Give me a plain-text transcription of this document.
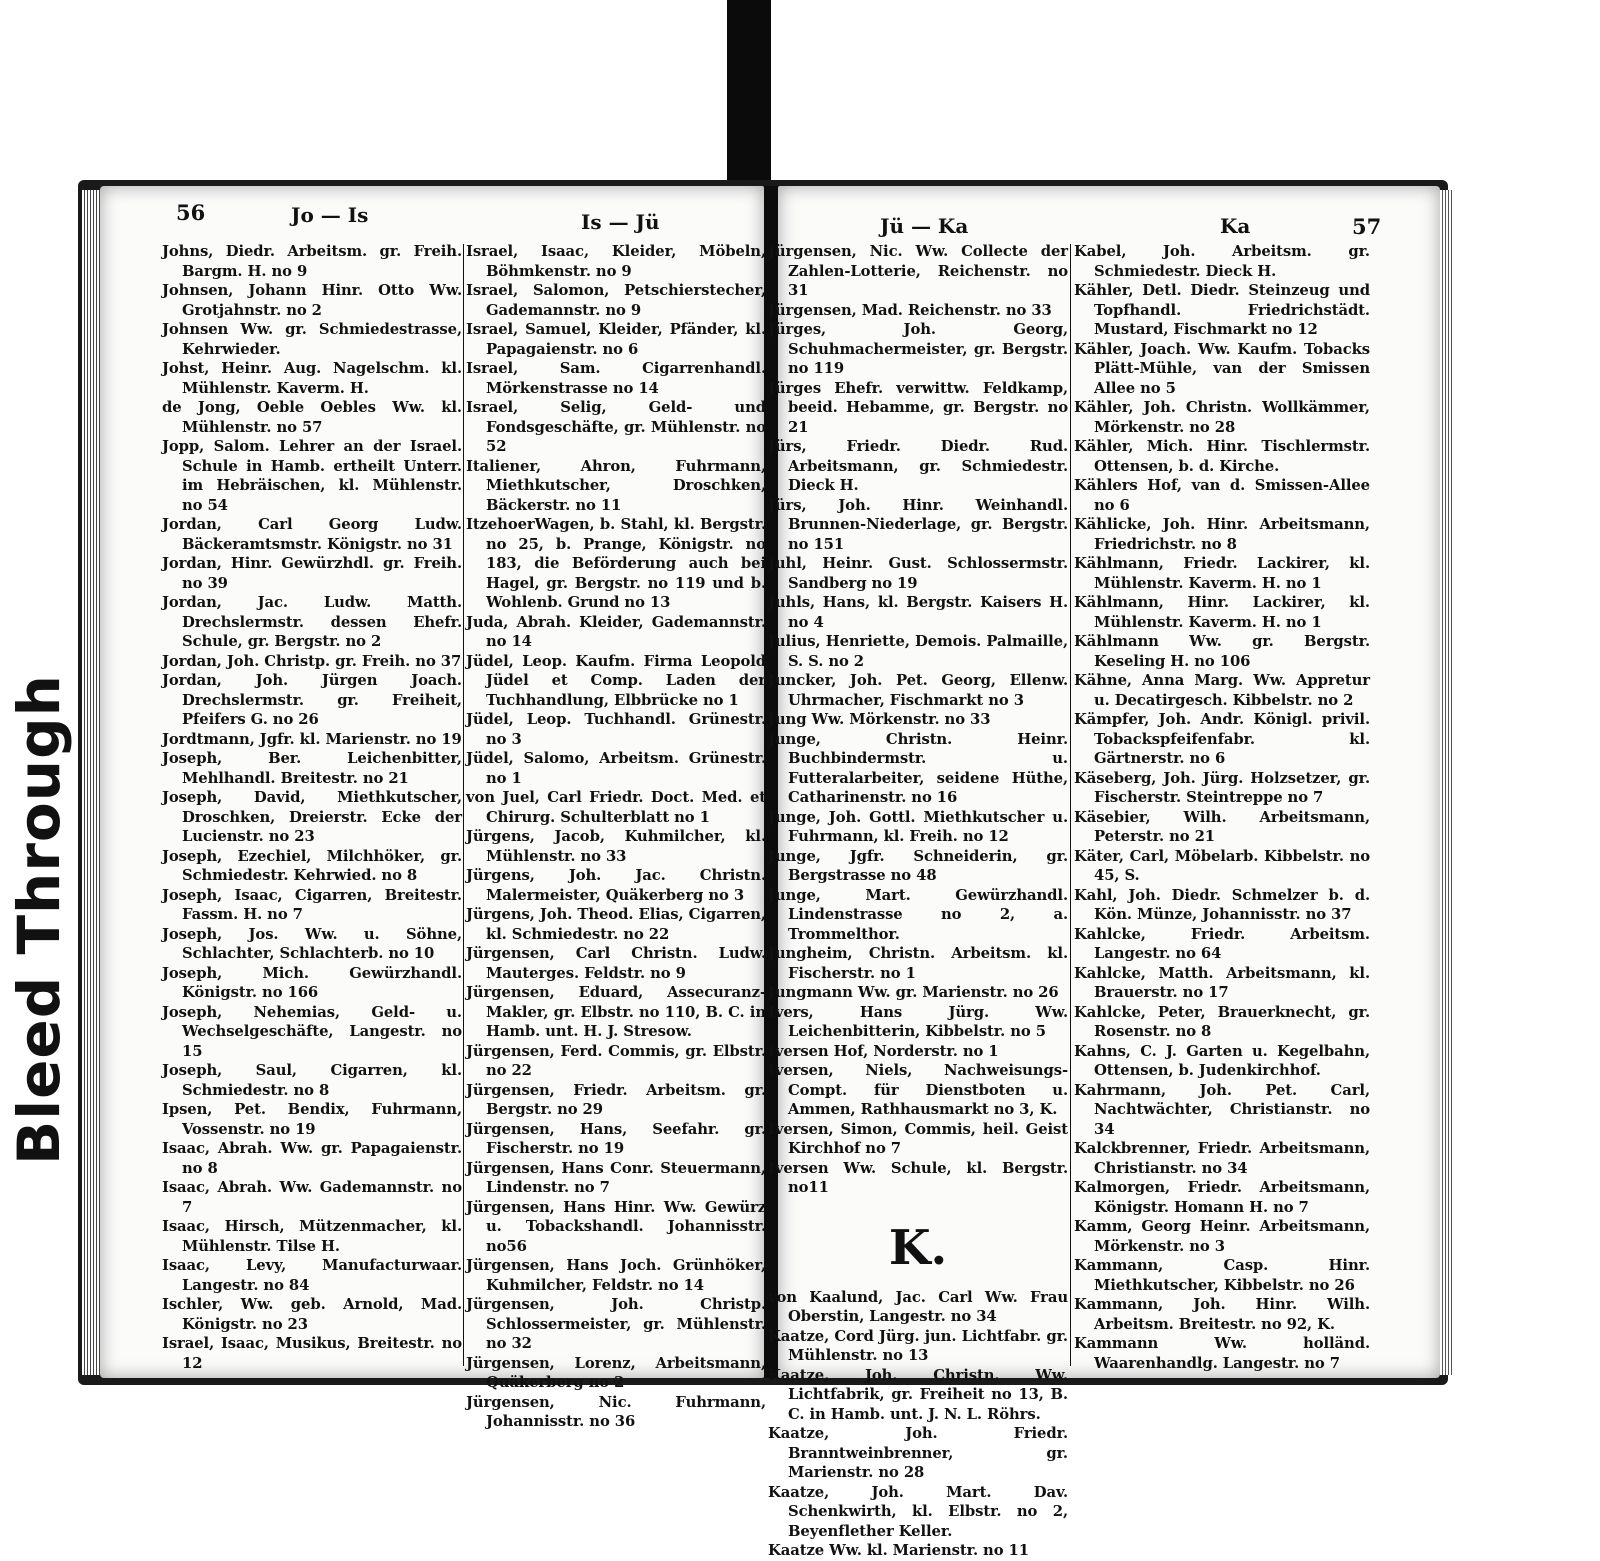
Bleed Through
56	Jo — Is	Is — Jü	Jü — Ka	Ka	57

Johns, Diedr. Arbeitsm. gr. Freih. Bargm. H. no 9

Johnsen, Johann Hinr. Otto Ww. Grotjahnstr. no 2

Johnsen Ww. gr. Schmiedestrasse, Kehrwieder.

Johst, Heinr. Aug. Nagelschm. kl. Mühlenstr. Kaverm. H.

de Jong, Oeble Oebles Ww. kl. Mühlenstr. no 57

Jopp, Salom. Lehrer an der Israel. Schule in Hamb. ertheilt Unterr. im Hebräischen, kl. Mühlenstr. no 54

Jordan, Carl Georg Ludw. Bäckeramtsmstr. Königstr. no 31

Jordan, Hinr. Gewürzhdl. gr. Freih. no 39

Jordan, Jac. Ludw. Matth. Drechslermstr. dessen Ehefr. Schule, gr. Bergstr. no 2

Jordan, Joh. Christp. gr. Freih. no 37

Jordan, Joh. Jürgen Joach. Drechslermstr. gr. Freiheit, Pfeifers G. no 26

Jordtmann, Jgfr. kl. Marienstr. no 19

Joseph, Ber. Leichenbitter, Mehlhandl. Breitestr. no 21

Joseph, David, Miethkutscher, Droschken, Dreierstr. Ecke der Lucienstr. no 23

Joseph, Ezechiel, Milchhöker, gr. Schmiedestr. Kehrwied. no 8

Joseph, Isaac, Cigarren, Breitestr. Fassm. H. no 7

Joseph, Jos. Ww. u. Söhne, Schlachter, Schlachterb. no 10

Joseph, Mich. Gewürzhandl. Königstr. no 166

Joseph, Nehemias, Geld- u. Wechselgeschäfte, Langestr. no 15

Joseph, Saul, Cigarren, kl. Schmiedestr. no 8

Ipsen, Pet. Bendix, Fuhrmann, Vossenstr. no 19

Isaac, Abrah. Ww. gr. Papagaienstr. no 8

Isaac, Abrah. Ww. Gademannstr. no 7

Isaac, Hirsch, Mützenmacher, kl. Mühlenstr. Tilse H.

Isaac, Levy, Manufacturwaar. Langestr. no 84

Ischler, Ww. geb. Arnold, Mad. Königstr. no 23

Israel, Isaac, Musikus, Breitestr. no 12

Israel, Isaac, Kleider, Möbeln, Böhmkenstr. no 9

Israel, Salomon, Petschierstecher, Gademannstr. no 9

Israel, Samuel, Kleider, Pfänder, kl. Papagaienstr. no 6

Israel, Sam. Cigarrenhandl. Mörkenstrasse no 14

Israel, Selig, Geld- und Fondsgeschäfte, gr. Mühlenstr. no 52

Italiener, Ahron, Fuhrmann, Miethkutscher, Droschken, Bäckerstr. no 11

ItzehoerWagen, b. Stahl, kl. Bergstr. no 25, b. Prange, Königstr. no 183, die Beförderung auch bei Hagel, gr. Bergstr. no 119 und b. Wohlenb. Grund no 13

Juda, Abrah. Kleider, Gademannstr. no 14

Jüdel, Leop. Kaufm. Firma Leopold Jüdel et Comp. Laden der Tuchhandlung, Elbbrücke no 1

Jüdel, Leop. Tuchhandl. Grünestr. no 3

Jüdel, Salomo, Arbeitsm. Grünestr. no 1

von Juel, Carl Friedr. Doct. Med. et Chirurg. Schulterblatt no 1

Jürgens, Jacob, Kuhmilcher, kl. Mühlenstr. no 33

Jürgens, Joh. Jac. Christn. Malermeister, Quäkerberg no 3

Jürgens, Joh. Theod. Elias, Cigarren, kl. Schmiedestr. no 22

Jürgensen, Carl Christn. Ludw. Mauterges. Feldstr. no 9

Jürgensen, Eduard, Assecuranz-Makler, gr. Elbstr. no 110, B. C. in Hamb. unt. H. J. Stresow.

Jürgensen, Ferd. Commis, gr. Elbstr. no 22

Jürgensen, Friedr. Arbeitsm. gr. Bergstr. no 29

Jürgensen, Hans, Seefahr. gr. Fischerstr. no 19

Jürgensen, Hans Conr. Steuermann, Lindenstr. no 7

Jürgensen, Hans Hinr. Ww. Gewürz u. Tobackshandl. Johannisstr. no56

Jürgensen, Hans Joch. Grünhöker, Kuhmilcher, Feldstr. no 14

Jürgensen, Joh. Christp. Schlossermeister, gr. Mühlenstr. no 32

Jürgensen, Lorenz, Arbeitsmann, Quäkerberg no 2

Jürgensen, Nic. Fuhrmann, Johannisstr. no 36

Jürgensen, Nic. Ww. Collecte der Zahlen-Lotterie, Reichenstr. no 31

Jürgensen, Mad. Reichenstr. no 33

Jürges, Joh. Georg, Schuhmachermeister, gr. Bergstr. no 119

Jürges Ehefr. verwittw. Feldkamp, beeid. Hebamme, gr. Bergstr. no 21

Jürs, Friedr. Diedr. Rud. Arbeitsmann, gr. Schmiedestr. Dieck H.

Jürs, Joh. Hinr. Weinhandl. Brunnen-Niederlage, gr. Bergstr. no 151

Juhl, Heinr. Gust. Schlossermstr. Sandberg no 19

Juhls, Hans, kl. Bergstr. Kaisers H. no 4

Julius, Henriette, Demois. Palmaille, S. S. no 2

Juncker, Joh. Pet. Georg, Ellenw. Uhrmacher, Fischmarkt no 3

Jung Ww. Mörkenstr. no 33

Junge, Christn. Heinr. Buchbindermstr. u. Futteralarbeiter, seidene Hüthe, Catharinenstr. no 16

Junge, Joh. Gottl. Miethkutscher u. Fuhrmann, kl. Freih. no 12

Junge, Jgfr. Schneiderin, gr. Bergstrasse no 48

Junge, Mart. Gewürzhandl. Lindenstrasse no 2, a. Trommelthor.

Jungheim, Christn. Arbeitsm. kl. Fischerstr. no 1

Jungmann Ww. gr. Marienstr. no 26

Ivers, Hans Jürg. Ww. Leichenbitterin, Kibbelstr. no 5

Iversen Hof, Norderstr. no 1

Iversen, Niels, Nachweisungs-Compt. für Dienstboten u. Ammen, Rathhausmarkt no 3, K.

Iversen, Simon, Commis, heil. Geist Kirchhof no 7

Iversen Ww. Schule, kl. Bergstr. no11

K.

von Kaalund, Jac. Carl Ww. Frau Oberstin, Langestr. no 34

Kaatze, Cord Jürg. jun. Lichtfabr. gr. Mühlenstr. no 13

Kaatze, Joh. Christn. Ww. Lichtfabrik, gr. Freiheit no 13, B. C. in Hamb. unt. J. N. L. Röhrs.

Kaatze, Joh. Friedr. Branntweinbrenner, gr. Marienstr. no 28

Kaatze, Joh. Mart. Dav. Schenkwirth, kl. Elbstr. no 2, Beyenflether Keller.

Kaatze Ww. kl. Marienstr. no 11

Kabel, Joh. Arbeitsm. gr. Schmiedestr. Dieck H.

Kähler, Detl. Diedr. Steinzeug und Topfhandl. Friedrichstädt. Mustard, Fischmarkt no 12

Kähler, Joach. Ww. Kaufm. Tobacks Plätt-Mühle, van der Smissen Allee no 5

Kähler, Joh. Christn. Wollkämmer, Mörkenstr. no 28

Kähler, Mich. Hinr. Tischlermstr. Ottensen, b. d. Kirche.

Kählers Hof, van d. Smissen-Allee no 6

Kählicke, Joh. Hinr. Arbeitsmann, Friedrichstr. no 8

Kählmann, Friedr. Lackirer, kl. Mühlenstr. Kaverm. H. no 1

Kählmann, Hinr. Lackirer, kl. Mühlenstr. Kaverm. H. no 1

Kählmann Ww. gr. Bergstr. Keseling H. no 106

Kähne, Anna Marg. Ww. Appretur u. Decatirgesch. Kibbelstr. no 2

Kämpfer, Joh. Andr. Königl. privil. Tobackspfeifenfabr. kl. Gärtnerstr. no 6

Käseberg, Joh. Jürg. Holzsetzer, gr. Fischerstr. Steintreppe no 7

Käsebier, Wilh. Arbeitsmann, Peterstr. no 21

Käter, Carl, Möbelarb. Kibbelstr. no 45, S.

Kahl, Joh. Diedr. Schmelzer b. d. Kön. Münze, Johannisstr. no 37

Kahlcke, Friedr. Arbeitsm. Langestr. no 64

Kahlcke, Matth. Arbeitsmann, kl. Brauerstr. no 17

Kahlcke, Peter, Brauerknecht, gr. Rosenstr. no 8

Kahns, C. J. Garten u. Kegelbahn, Ottensen, b. Judenkirchhof.

Kahrmann, Joh. Pet. Carl, Nachtwächter, Christianstr. no 34

Kalckbrenner, Friedr. Arbeitsmann, Christianstr. no 34

Kalmorgen, Friedr. Arbeitsmann, Königstr. Homann H. no 7

Kamm, Georg Heinr. Arbeitsmann, Mörkenstr. no 3

Kammann, Casp. Hinr. Miethkutscher, Kibbelstr. no 26

Kammann, Joh. Hinr. Wilh. Arbeitsm. Breitestr. no 92, K.

Kammann Ww. holländ. Waarenhandlg. Langestr. no 7
